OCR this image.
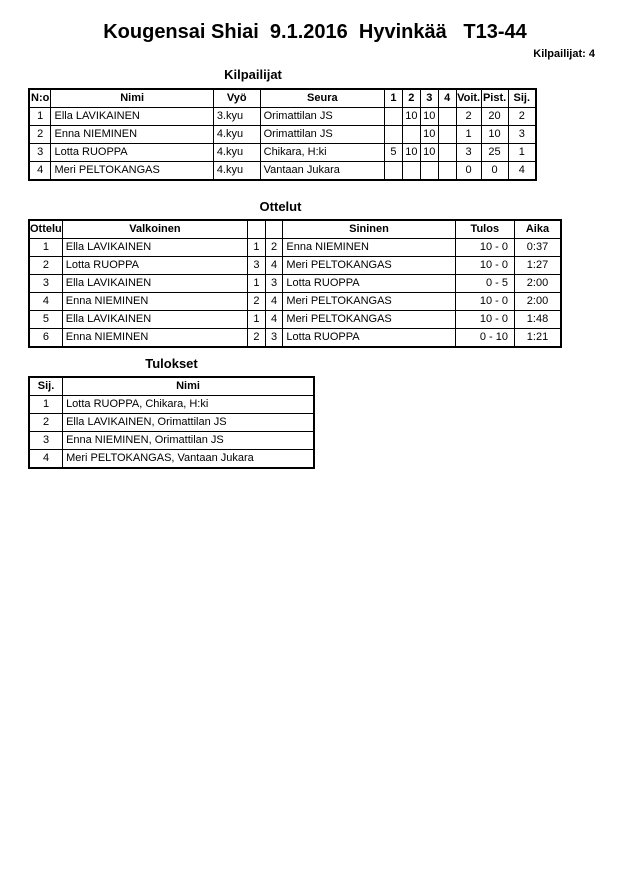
Kougensai Shiai  9.1.2016  Hyvinkää   T13-44
Kilpailijat: 4
Kilpailijat
N:o	Nimi	Vyö	Seura	1	2	3	4	Voit.	Pist.	Sij.
1	Ella LAVIKAINEN	3.kyu	Orimattilan JS		10	10		2	20	2
2	Enna NIEMINEN	4.kyu	Orimattilan JS			10		1	10	3
3	Lotta RUOPPA	4.kyu	Chikara, H:ki	5	10	10		3	25	1
4	Meri PELTOKANGAS	4.kyu	Vantaan Jukara					0	0	4
Ottelut
Ottelu	Valkoinen			Sininen	Tulos	Aika
1	Ella LAVIKAINEN	1	2	Enna NIEMINEN	10 - 0	0:37
2	Lotta RUOPPA	3	4	Meri PELTOKANGAS	10 - 0	1:27
3	Ella LAVIKAINEN	1	3	Lotta RUOPPA	0 - 5	2:00
4	Enna NIEMINEN	2	4	Meri PELTOKANGAS	10 - 0	2:00
5	Ella LAVIKAINEN	1	4	Meri PELTOKANGAS	10 - 0	1:48
6	Enna NIEMINEN	2	3	Lotta RUOPPA	0 - 10	1:21
Tulokset
Sij.	Nimi
1	Lotta RUOPPA, Chikara, H:ki
2	Ella LAVIKAINEN, Orimattilan JS
3	Enna NIEMINEN, Orimattilan JS
4	Meri PELTOKANGAS, Vantaan Jukara
